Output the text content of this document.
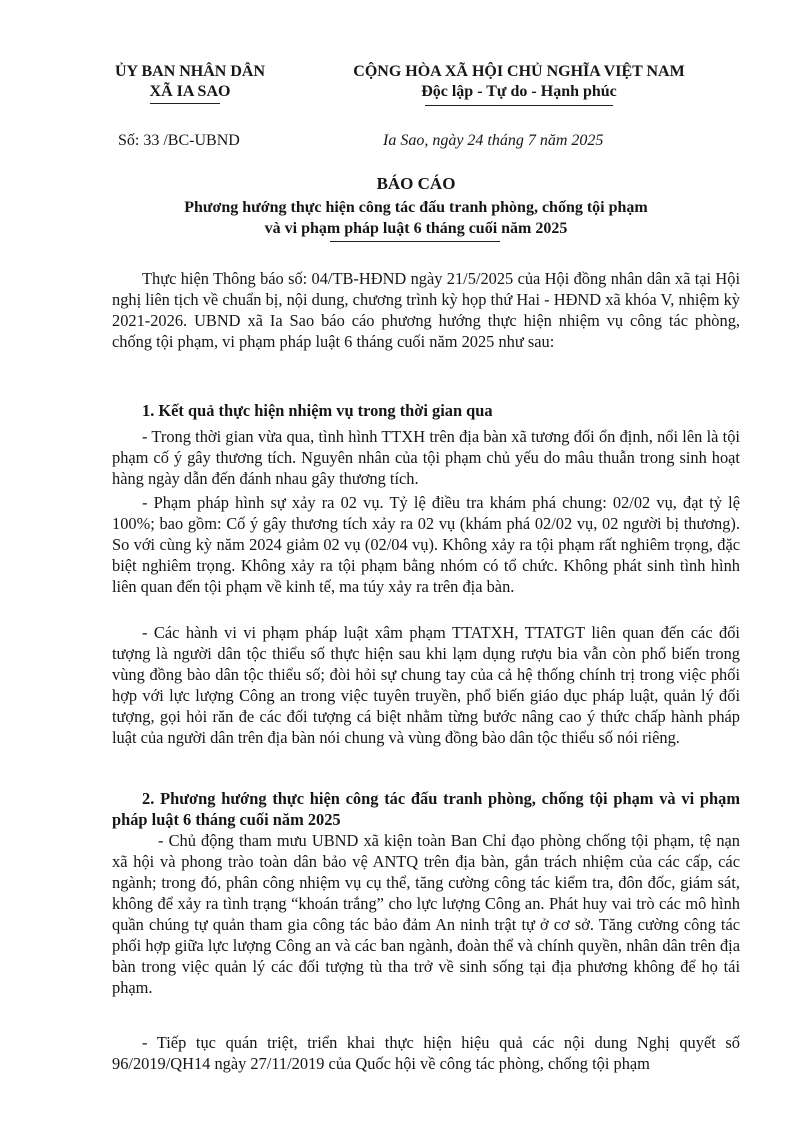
ỦY BAN NHÂN DÂN
XÃ IA SAO
CỘNG HÒA XÃ HỘI CHỦ NGHĨA VIỆT NAM
Độc lập - Tự do - Hạnh phúc
Số: 33 /BC-UBND	Ia Sao, ngày 24 tháng 7 năm 2025
BÁO CÁO
Phương hướng thực hiện công tác đấu tranh phòng, chống tội phạm
và vi phạm pháp luật 6 tháng cuối năm 2025

Thực hiện Thông báo số: 04/TB-HĐND ngày 21/5/2025 của Hội đồng nhân dân xã tại Hội nghị liên tịch về chuẩn bị, nội dung, chương trình kỳ họp thứ Hai - HĐND xã khóa V, nhiệm kỳ 2021-2026. UBND xã Ia Sao báo cáo phương hướng thực hiện nhiệm vụ công tác phòng, chống tội phạm, vi phạm pháp luật 6 tháng cuối năm 2025 như sau:

1. Kết quả thực hiện nhiệm vụ trong thời gian qua

- Trong thời gian vừa qua, tình hình TTXH trên địa bàn xã tương đối ổn định, nổi lên là tội phạm cố ý gây thương tích. Nguyên nhân của tội phạm chủ yếu do mâu thuẫn trong sinh hoạt hàng ngày dẫn đến đánh nhau gây thương tích.

- Phạm pháp hình sự xảy ra 02 vụ. Tỷ lệ điều tra khám phá chung: 02/02 vụ, đạt tỷ lệ 100%; bao gồm: Cố ý gây thương tích xảy ra 02 vụ (khám phá 02/02 vụ, 02 người bị thương). So với cùng kỳ năm 2024 giảm 02 vụ (02/04 vụ). Không xảy ra tội phạm rất nghiêm trọng, đặc biệt nghiêm trọng. Không xảy ra tội phạm bằng nhóm có tổ chức. Không phát sinh tình hình liên quan đến tội phạm về kinh tế, ma túy xảy ra trên địa bàn.

- Các hành vi vi phạm pháp luật xâm phạm TTATXH, TTATGT liên quan đến các đối tượng là người dân tộc thiểu số thực hiện sau khi lạm dụng rượu bia vẫn còn phổ biến trong vùng đồng bào dân tộc thiểu số; đòi hỏi sự chung tay của cả hệ thống chính trị trong việc phối hợp với lực lượng Công an trong việc tuyên truyền, phổ biến giáo dục pháp luật, quản lý đối tượng, gọi hỏi răn đe các đối tượng cá biệt nhằm từng bước nâng cao ý thức chấp hành pháp luật của người dân trên địa bàn nói chung và vùng đồng bào dân tộc thiểu số nói riêng.

2. Phương hướng thực hiện công tác đấu tranh phòng, chống tội phạm và vi phạm pháp luật 6 tháng cuối năm 2025

- Chủ động tham mưu UBND xã kiện toàn Ban Chỉ đạo phòng chống tội phạm, tệ nạn xã hội và phong trào toàn dân bảo vệ ANTQ trên địa bàn, gắn trách nhiệm của các cấp, các ngành; trong đó, phân công nhiệm vụ cụ thể, tăng cường công tác kiểm tra, đôn đốc, giám sát, không để xảy ra tình trạng “khoán trắng” cho lực lượng Công an. Phát huy vai trò các mô hình quần chúng tự quản tham gia công tác bảo đảm An ninh trật tự ở cơ sở. Tăng cường công tác phối hợp giữa lực lượng Công an và các ban ngành, đoàn thể và chính quyền, nhân dân trên địa bàn trong việc quản lý các đối tượng tù tha trở về sinh sống tại địa phương không để họ tái phạm.

- Tiếp tục quán triệt, triển khai thực hiện hiệu quả các nội dung Nghị quyết số 96/2019/QH14 ngày 27/11/2019 của Quốc hội về công tác phòng, chống tội phạm
